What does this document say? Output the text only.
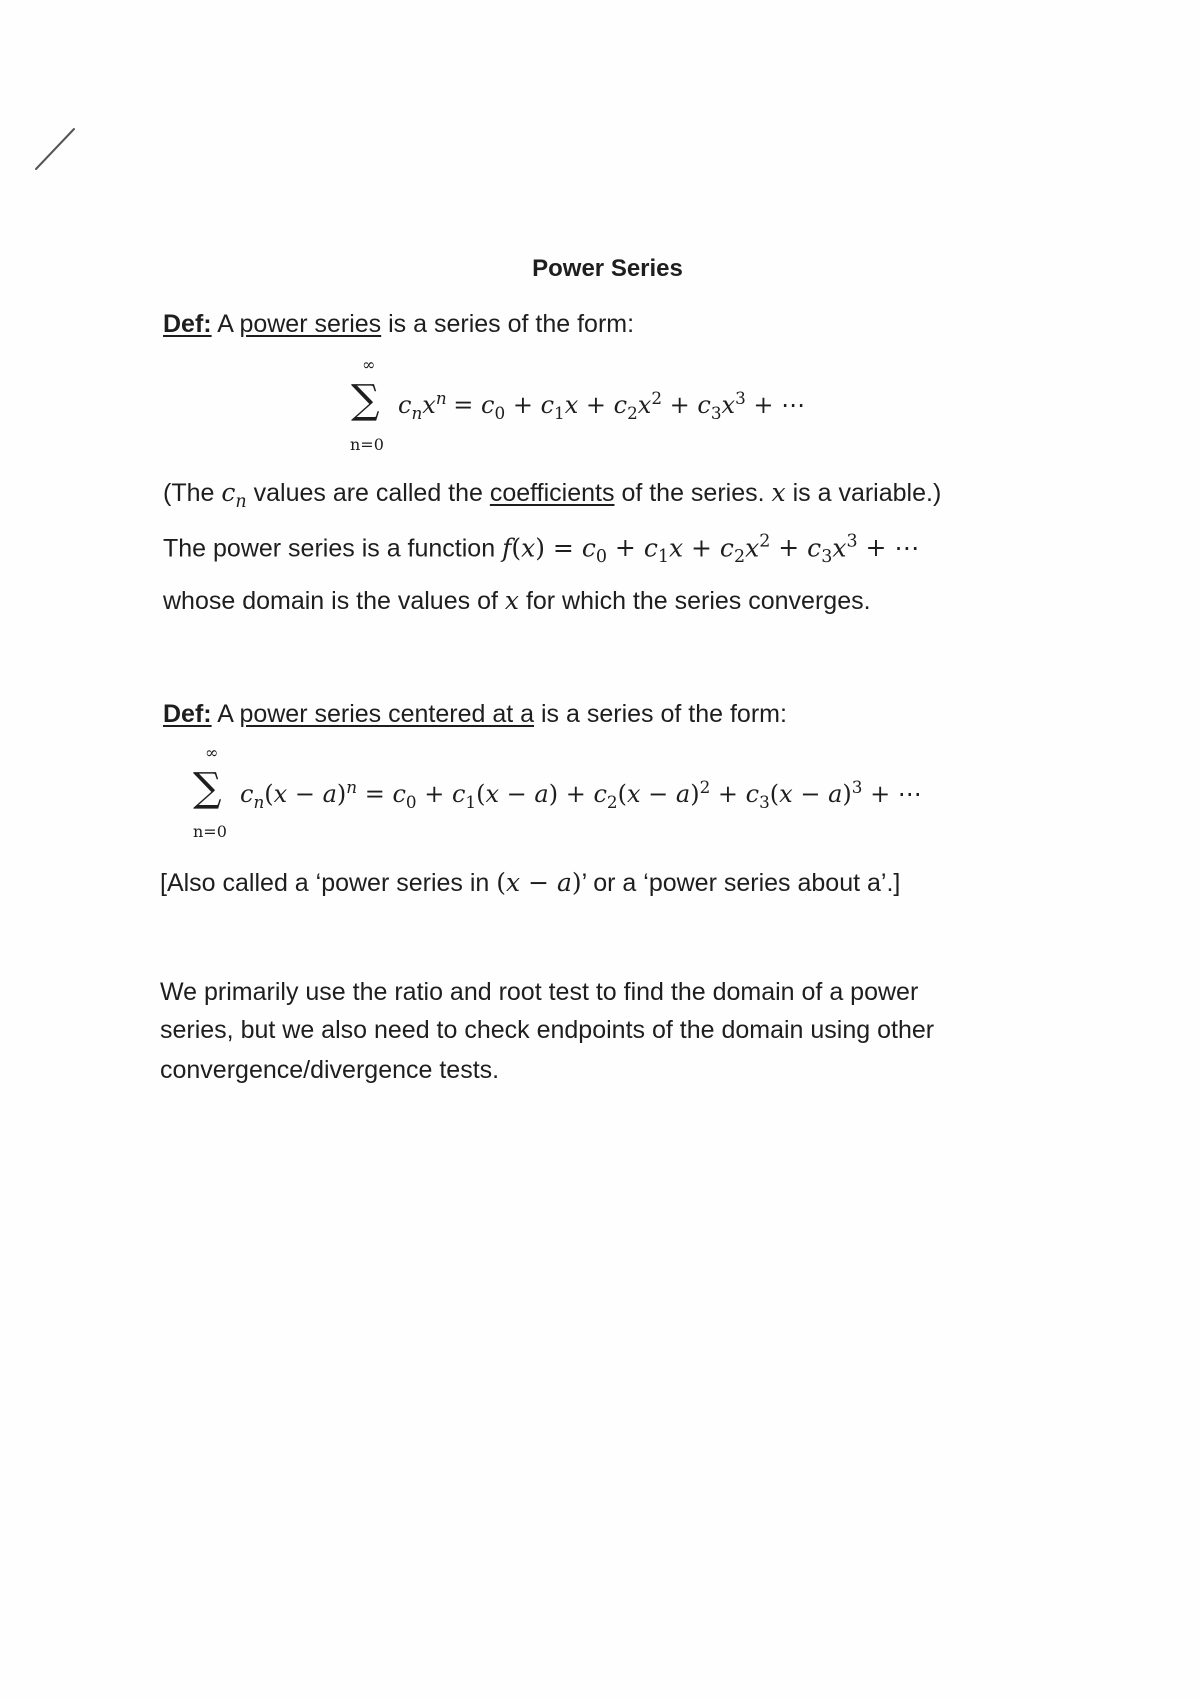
Power Series
Def: A power series is a series of the form:
∞
∑
n=0
$c_nx^n = c_0 + c_1x + c_2x^2 + c_3x^3$ + ⋯
(The $c_n$ values are called the coefficients of the series. x is a variable.)
The power series is a function $f(x) = c_0 + c_1x + c_2x^2 + c_3x^3$ + ⋯
whose domain is the values of x for which the series converges.
Def: A power series centered at a is a series of the form:
∞
∑
n=0
$c_n(x - a)^n = c_0 + c_1(x - a) + c_2(x - a)^2 + c_3(x - a)^3$ + ⋯
[Also called a ‘power series in (x − a)’ or a ‘power series about a’.]
We primarily use the ratio and root test to find the domain of a power
series, but we also need to check endpoints of the domain using other
convergence/divergence tests.
